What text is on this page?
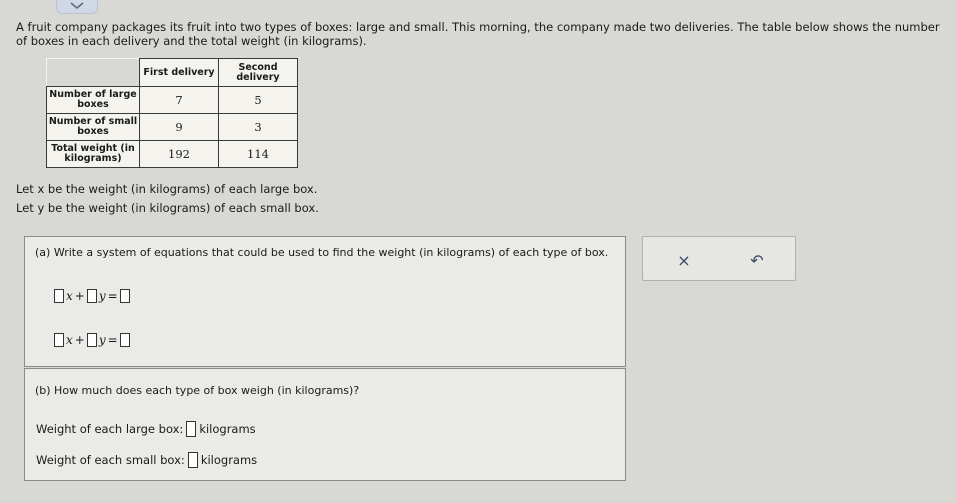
A fruit company packages its fruit into two types of boxes: large and small. This morning, the company made two deliveries. The table below shows the number of boxes in each delivery and the total weight (in kilograms).
	First delivery	Second delivery
Number of large boxes	7	5
Number of small boxes	9	3
Total weight (in kilograms)	192	114
Let x be the weight (in kilograms) of each large box.
Let y be the weight (in kilograms) of each small box.
(a) Write a system of equations that could be used to find the weight (in kilograms) of each type of box.
x + y =
x + y =
(b) How much does each type of box weigh (in kilograms)?
Weight of each large box: kilograms
Weight of each small box: kilograms
×	↶
